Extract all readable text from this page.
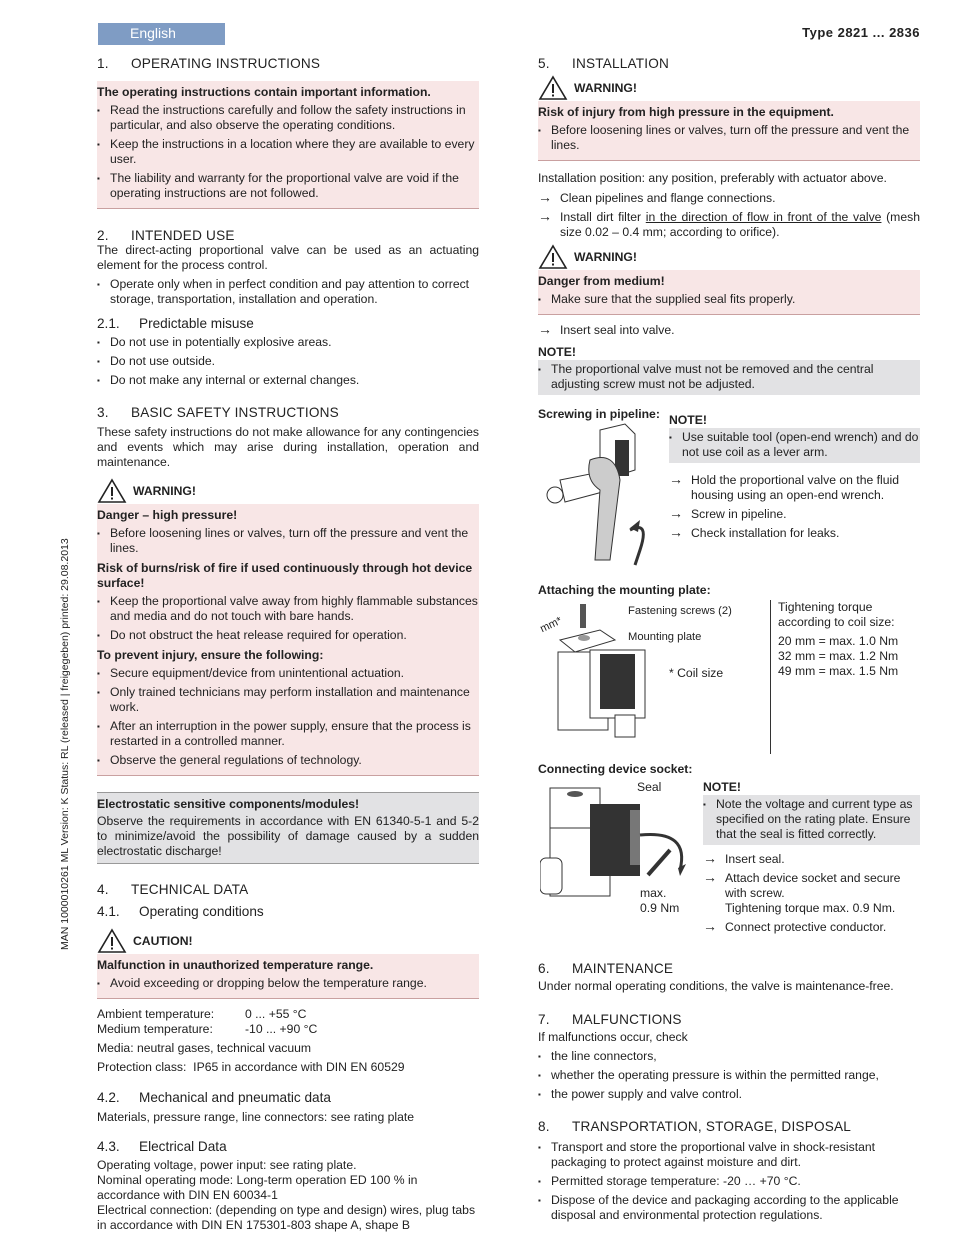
English	Type 2821 ... 2836
MAN 1000010261 ML Version: K Status: RL (released | freigegeben) printed: 29.08.2013
1. OPERATING INSTRUCTIONS
The operating instructions contain important information.
▪ Read the instructions carefully and follow the safety instructions in particular, and also observe the operating conditions.
▪ Keep the instructions in a location where they are available to every user.
▪ The liability and warranty for the proportional valve are void if the operating instructions are not followed.
2. INTENDED USE

The direct-acting proportional valve can be used as an actuating element for the process control.

▪ Operate only when in perfect condition and pay attention to correct storage, transportation, installation and operation.
2.1. Predictable misuse
▪ Do not use in potentially explosive areas.
▪ Do not use outside.
▪ Do not make any internal or external changes.
3. BASIC SAFETY INSTRUCTIONS

These safety instructions do not make allowance for any contingencies and events which may arise during installation, operation and maintenance.

WARNING!
Danger – high pressure!
▪ Before loosening lines or valves, turn off the pressure and vent the lines.
Risk of burns/risk of fire if used continuously through hot device surface!
▪ Keep the proportional valve away from highly flammable substances and media and do not touch with bare hands.
▪ Do not obstruct the heat release required for operation.
To prevent injury, ensure the following:
▪ Secure equipment/device from unintentional actuation.
▪ Only trained technicians may perform installation and maintenance work.
▪ After an interruption in the power supply, ensure that the process is restarted in a controlled manner.
▪ Observe the general regulations of technology.
Electrostatic sensitive components/modules!

Observe the requirements in accordance with EN 61340-5-1 and 5-2 to minimize/avoid the possibility of damage caused by a sudden electrostatic discharge!

4. TECHNICAL DATA
4.1. Operating conditions
CAUTION!
Malfunction in unauthorized temperature range.
▪ Avoid exceeding or dropping below the temperature range.
Ambient temperature:	0 ... +55 °C
Medium temperature:	-10 ... +90 °C

Media: neutral gases, technical vacuum

Protection class:  IP65 in accordance with DIN EN 60529

4.2. Mechanical and pneumatic data

Materials, pressure range, line connectors: see rating plate

4.3. Electrical Data

Operating voltage, power input: see rating plate.

Nominal operating mode: Long-term operation ED 100 % in accordance with DIN EN 60034-1

Electrical connection: (depending on type and design) wires, plug tabs in accordance with DIN EN 175301-803 shape A, shape B

5. INSTALLATION
WARNING!
Risk of injury from high pressure in the equipment.
▪ Before loosening lines or valves, turn off the pressure and vent the lines.

Installation position: any position, preferably with actuator above.

→ Clean pipelines and flange connections.

→ Install dirt filter in the direction of flow in front of the valve (mesh size 0.02 – 0.4 mm; according to orifice).

WARNING!
Danger from medium!
▪ Make sure that the supplied seal fits properly.

→ Insert seal into valve.

NOTE!
▪ The proportional valve must not be removed and the central adjusting screw must not be adjusted.
Screwing in pipeline: NOTE!
▪ Use suitable tool (open-end wrench) and do not use coil as a lever arm.

→ Hold the proportional valve on the fluid housing using an open-end wrench.

→ Screw in pipeline.

→ Check installation for leaks.

Attaching the mounting plate:
mm*
Fastening screws (2)
Mounting plate
* Coil size

Tightening torque according to coil size:

20 mm = max. 1.0 Nm

32 mm = max. 1.2 Nm

49 mm = max. 1.5 Nm

Connecting device socket:
Seal
max.
0.9 Nm
NOTE!
▪ Note the voltage and current type as specified on the rating plate. Ensure that the seal is fitted correctly.

→ Insert seal.

→ Attach device socket and secure with screw.

Tightening torque max. 0.9 Nm.

→ Connect protective conductor.

6. MAINTENANCE

Under normal operating conditions, the valve is maintenance-free.

7. MALFUNCTIONS

If malfunctions occur, check

▪ the line connectors,
▪ whether the operating pressure is within the permitted range,
▪ the power supply and valve control.
8. TRANSPORTATION, STORAGE, DISPOSAL
▪ Transport and store the proportional valve in shock-resistant packaging to protect against moisture and dirt.
▪ Permitted storage temperature: -20 … +70 °C.
▪ Dispose of the device and packaging according to the applicable disposal and environmental protection regulations.
